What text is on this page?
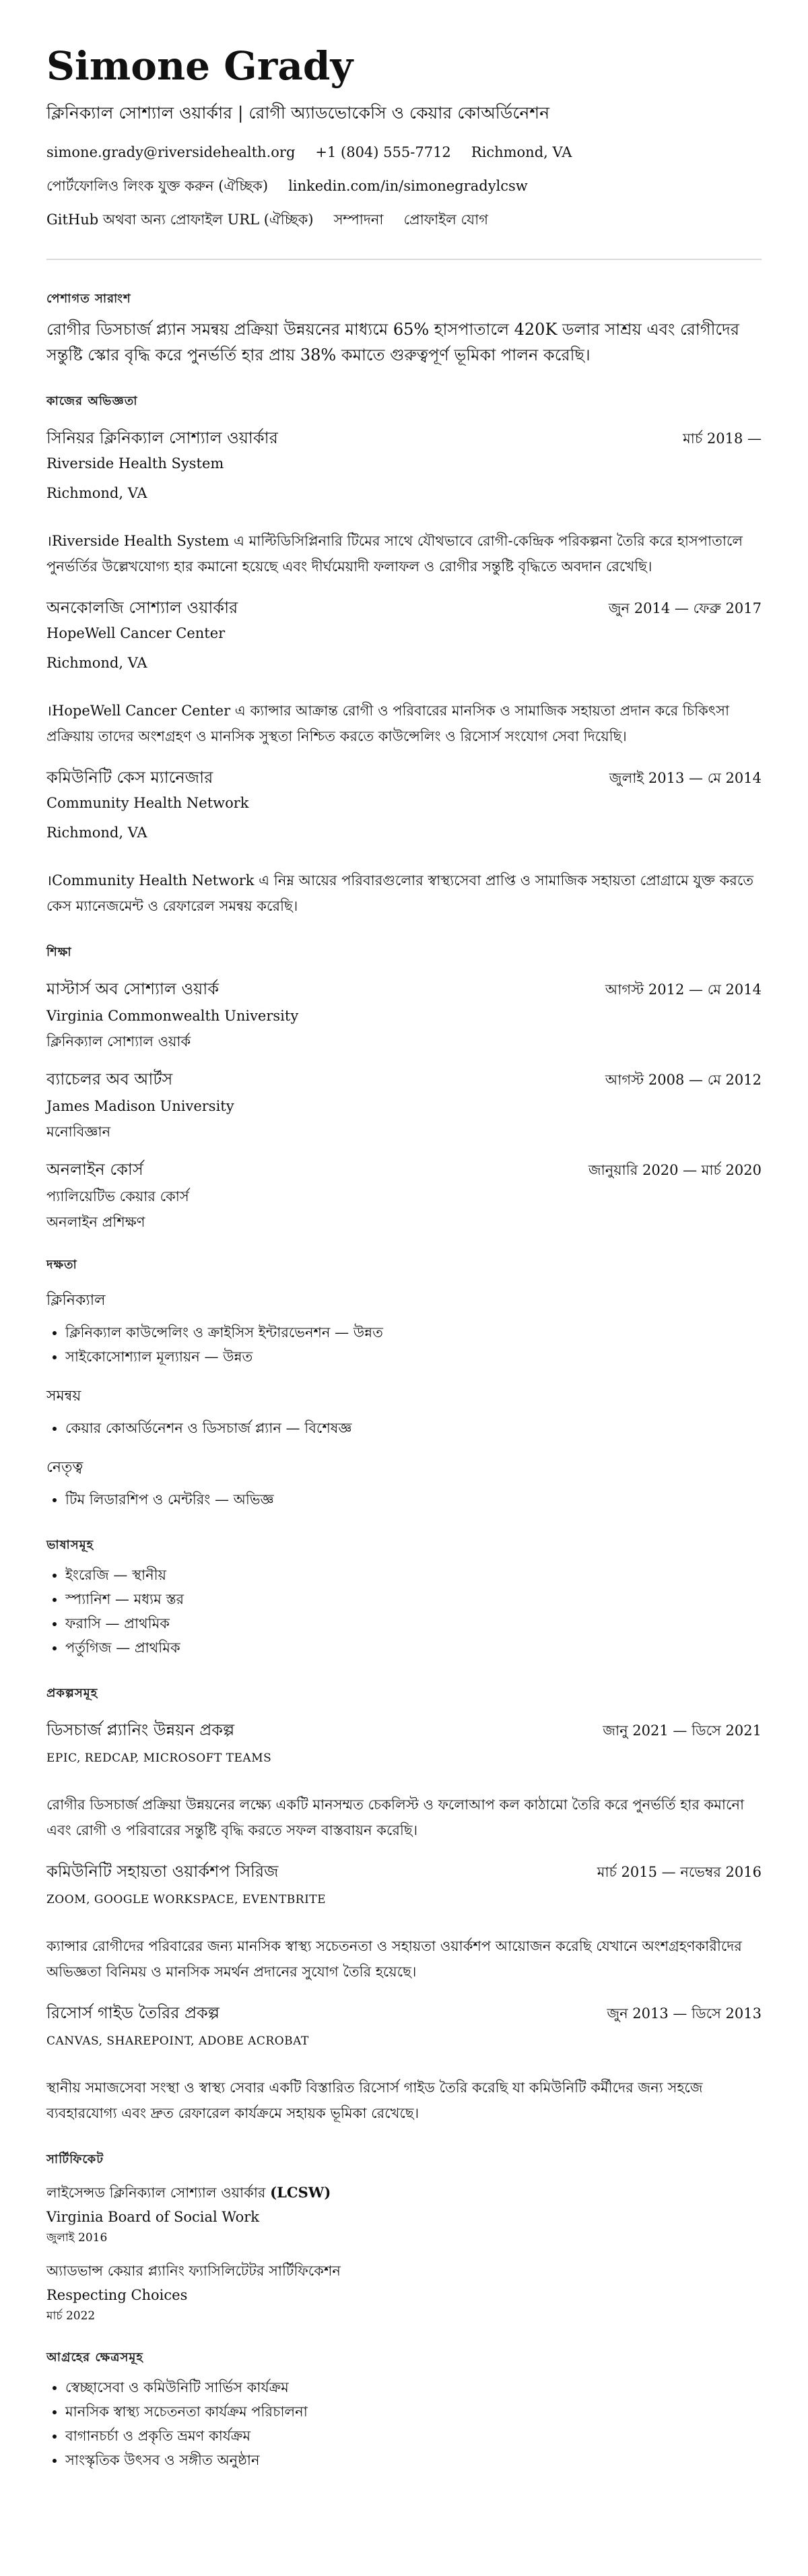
Simone Grady
ক্লিনিক্যাল সোশ্যাল ওয়ার্কার | রোগী অ্যাডভোকেসি ও কেয়ার কোঅর্ডিনেশন
simone.grady@riversidehealth.org +1 (804) 555-7712 Richmond, VA
পোর্টফোলিও লিংক যুক্ত করুন (ঐচ্ছিক) linkedin.com/in/simonegradylcsw
GitHub অথবা অন্য প্রোফাইল URL (ঐচ্ছিক) সম্পাদনা প্রোফাইল যোগ
পেশাগত সারাংশ
রোগীর ডিসচার্জ প্ল্যান সমন্বয় প্রক্রিয়া উন্নয়নের মাধ্যমে 65% হাসপাতালে 420K ডলার সাশ্রয় এবং রোগীদের সন্তুষ্টি স্কোর বৃদ্ধি করে পুনর্ভর্তি হার প্রায় 38% কমাতে গুরুত্বপূর্ণ ভূমিকা পালন করেছি।
কাজের অভিজ্ঞতা
সিনিয়র ক্লিনিক্যাল সোশ্যাল ওয়ার্কার	মার্চ 2018 —
Riverside Health System
Richmond, VA
।Riverside Health System এ মাল্টিডিসিপ্লিনারি টিমের সাথে যৌথভাবে রোগী-কেন্দ্রিক পরিকল্পনা তৈরি করে হাসপাতালে পুনর্ভর্তির উল্লেখযোগ্য হার কমানো হয়েছে এবং দীর্ঘমেয়াদী ফলাফল ও রোগীর সন্তুষ্টি বৃদ্ধিতে অবদান রেখেছি।
অনকোলজি সোশ্যাল ওয়ার্কার	জুন 2014 — ফেব্রু 2017
HopeWell Cancer Center
Richmond, VA
।HopeWell Cancer Center এ ক্যান্সার আক্রান্ত রোগী ও পরিবারের মানসিক ও সামাজিক সহায়তা প্রদান করে চিকিৎসা প্রক্রিয়ায় তাদের অংশগ্রহণ ও মানসিক সুস্থতা নিশ্চিত করতে কাউন্সেলিং ও রিসোর্স সংযোগ সেবা দিয়েছি।
কমিউনিটি কেস ম্যানেজার	জুলাই 2013 — মে 2014
Community Health Network
Richmond, VA
।Community Health Network এ নিম্ন আয়ের পরিবারগুলোর স্বাস্থ্যসেবা প্রাপ্তি ও সামাজিক সহায়তা প্রোগ্রামে যুক্ত করতে কেস ম্যানেজমেন্ট ও রেফারেল সমন্বয় করেছি।
শিক্ষা
মাস্টার্স অব সোশ্যাল ওয়ার্ক	আগস্ট 2012 — মে 2014
Virginia Commonwealth University
ক্লিনিক্যাল সোশ্যাল ওয়ার্ক
ব্যাচেলর অব আর্টস	আগস্ট 2008 — মে 2012
James Madison University
মনোবিজ্ঞান
অনলাইন কোর্স	জানুয়ারি 2020 — মার্চ 2020
প্যালিয়েটিভ কেয়ার কোর্স
অনলাইন প্রশিক্ষণ
দক্ষতা
ক্লিনিক্যাল
• ক্লিনিক্যাল কাউন্সেলিং ও ক্রাইসিস ইন্টারভেনশন — উন্নত
• সাইকোসোশ্যাল মূল্যায়ন — উন্নত
সমন্বয়
• কেয়ার কোঅর্ডিনেশন ও ডিসচার্জ প্ল্যান — বিশেষজ্ঞ
নেতৃত্ব
• টিম লিডারশিপ ও মেন্টরিং — অভিজ্ঞ
ভাষাসমূহ
• ইংরেজি — স্থানীয়
• স্প্যানিশ — মধ্যম স্তর
• ফরাসি — প্রাথমিক
• পর্তুগিজ — প্রাথমিক
প্রকল্পসমূহ
ডিসচার্জ প্ল্যানিং উন্নয়ন প্রকল্প	জানু 2021 — ডিসে 2021
EPIC, REDCAP, MICROSOFT TEAMS
রোগীর ডিসচার্জ প্রক্রিয়া উন্নয়নের লক্ষ্যে একটি মানসম্মত চেকলিস্ট ও ফলোআপ কল কাঠামো তৈরি করে পুনর্ভর্তি হার কমানো এবং রোগী ও পরিবারের সন্তুষ্টি বৃদ্ধি করতে সফল বাস্তবায়ন করেছি।
কমিউনিটি সহায়তা ওয়ার্কশপ সিরিজ	মার্চ 2015 — নভেম্বর 2016
ZOOM, GOOGLE WORKSPACE, EVENTBRITE
ক্যান্সার রোগীদের পরিবারের জন্য মানসিক স্বাস্থ্য সচেতনতা ও সহায়তা ওয়ার্কশপ আয়োজন করেছি যেখানে অংশগ্রহণকারীদের অভিজ্ঞতা বিনিময় ও মানসিক সমর্থন প্রদানের সুযোগ তৈরি হয়েছে।
রিসোর্স গাইড তৈরির প্রকল্প	জুন 2013 — ডিসে 2013
CANVAS, SHAREPOINT, ADOBE ACROBAT
স্থানীয় সমাজসেবা সংস্থা ও স্বাস্থ্য সেবার একটি বিস্তারিত রিসোর্স গাইড তৈরি করেছি যা কমিউনিটি কর্মীদের জন্য সহজে ব্যবহারযোগ্য এবং দ্রুত রেফারেল কার্যক্রমে সহায়ক ভূমিকা রেখেছে।
সার্টিফিকেট
লাইসেন্সড ক্লিনিক্যাল সোশ্যাল ওয়ার্কার (LCSW)
Virginia Board of Social Work
জুলাই 2016
অ্যাডভান্স কেয়ার প্ল্যানিং ফ্যাসিলিটেটর সার্টিফিকেশন
Respecting Choices
মার্চ 2022
আগ্রহের ক্ষেত্রসমূহ
• স্বেচ্ছাসেবা ও কমিউনিটি সার্ভিস কার্যক্রম
• মানসিক স্বাস্থ্য সচেতনতা কার্যক্রম পরিচালনা
• বাগানচর্চা ও প্রকৃতি ভ্রমণ কার্যক্রম
• সাংস্কৃতিক উৎসব ও সঙ্গীত অনুষ্ঠান
